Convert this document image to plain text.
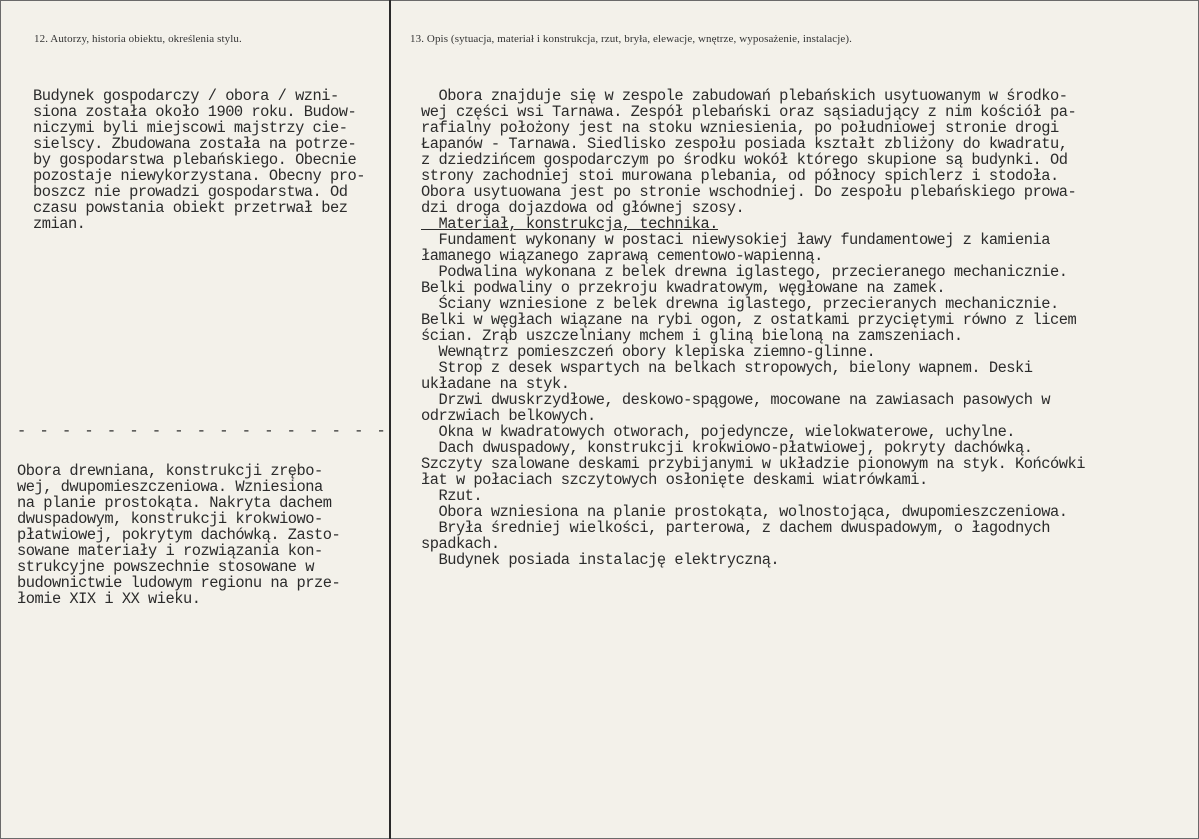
12. Autorzy, historia obiektu, określenia stylu.	13. Opis (sytuacja, materiał i konstrukcja, rzut, bryła, elewacje, wnętrze, wyposażenie, instalacje).
Budynek gospodarczy / obora / wzni-
siona została około 1900 roku. Budow-
niczymi byli miejscowi majstrzy cie-
sielscy. Zbudowana została na potrze-
by gospodarstwa plebańskiego. Obecnie
pozostaje niewykorzystana. Obecny pro-
boszcz nie prowadzi gospodarstwa. Od
czasu powstania obiekt przetrwał bez
zmian.
- - - - - - - - - - - - - - - - -
Obora drewniana, konstrukcji zrębo-
wej, dwupomieszczeniowa. Wzniesiona
na planie prostokąta. Nakryta dachem
dwuspadowym, konstrukcji krokwiowo-
płatwiowej, pokrytym dachówką. Zasto-
sowane materiały i rozwiązania kon-
strukcyjne powszechnie stosowane w
budownictwie ludowym regionu na prze-
łomie XIX i XX wieku.
Obora znajduje się w zespole zabudowań plebańskich usytuowanym w środko-
wej części wsi Tarnawa. Zespół plebański oraz sąsiadujący z nim kościół pa-
rafialny położony jest na stoku wzniesienia, po południowej stronie drogi
Łapanów - Tarnawa. Siedlisko zespołu posiada kształt zbliżony do kwadratu,
z dziedzińcem gospodarczym po środku wokół którego skupione są budynki. Od
strony zachodniej stoi murowana plebania, od północy spichlerz i stodoła.
Obora usytuowana jest po stronie wschodniej. Do zespołu plebańskiego prowa-
dzi droga dojazdowa od głównej szosy.
Materiał, konstrukcja, technika.
Fundament wykonany w postaci niewysokiej ławy fundamentowej z kamienia
łamanego wiązanego zaprawą cementowo-wapienną.
Podwalina wykonana z belek drewna iglastego, przecieranego mechanicznie.
Belki podwaliny o przekroju kwadratowym, węgłowane na zamek.
Ściany wzniesione z belek drewna iglastego, przecieranych mechanicznie.
Belki w węgłach wiązane na rybi ogon, z ostatkami przyciętymi równo z licem
ścian. Zrąb uszczelniany mchem i gliną bieloną na zamszeniach.
Wewnątrz pomieszczeń obory klepiska ziemno-glinne.
Strop z desek wspartych na belkach stropowych, bielony wapnem. Deski
układane na styk.
Drzwi dwuskrzydłowe, deskowo-spągowe, mocowane na zawiasach pasowych w
odrzwiach belkowych.
Okna w kwadratowych otworach, pojedyncze, wielokwaterowe, uchylne.
Dach dwuspadowy, konstrukcji krokwiowo-płatwiowej, pokryty dachówką.
Szczyty szalowane deskami przybijanymi w układzie pionowym na styk. Końcówki
łat w połaciach szczytowych osłonięte deskami wiatrówkami.
Rzut.
Obora wzniesiona na planie prostokąta, wolnostojąca, dwupomieszczeniowa.
Bryła średniej wielkości, parterowa, z dachem dwuspadowym, o łagodnych
spadkach.
Budynek posiada instalację elektryczną.
